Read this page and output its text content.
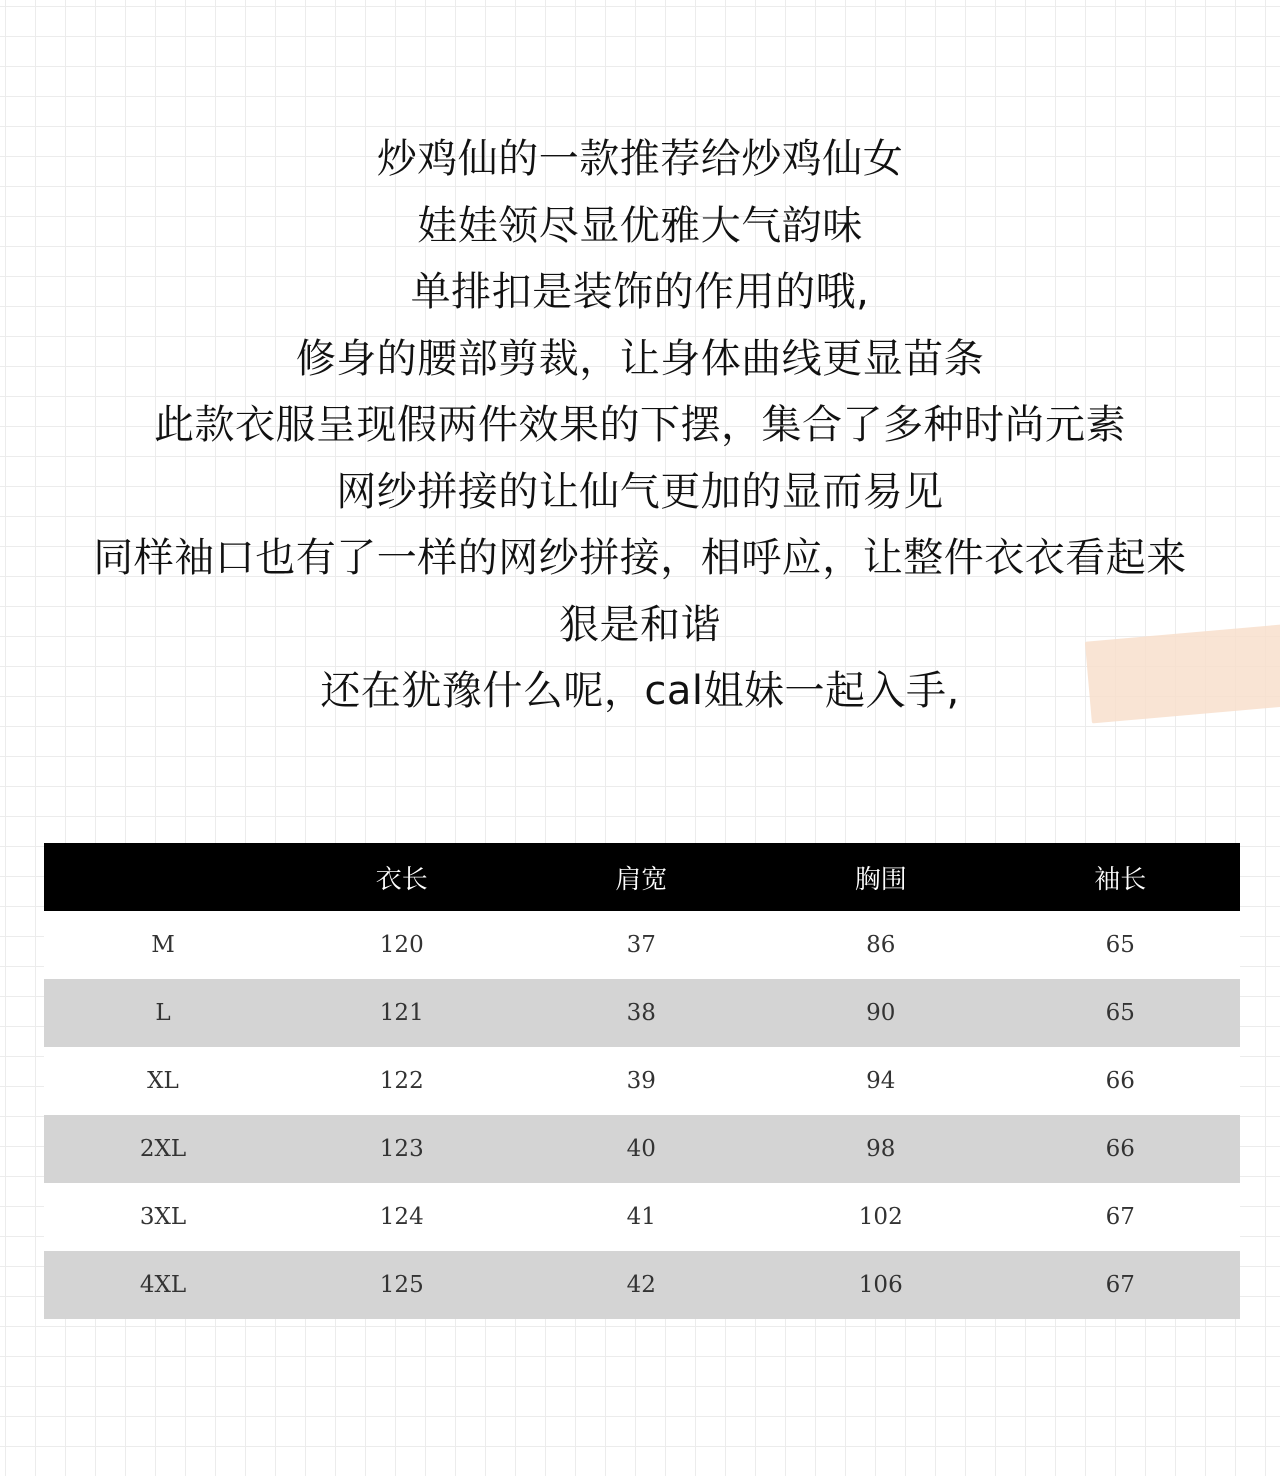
炒鸡仙的一款推荐给炒鸡仙女
娃娃领尽显优雅大气韵味
单排扣是装饰的作用的哦,
修身的腰部剪裁，让身体曲线更显苗条
此款衣服呈现假两件效果的下摆，集合了多种时尚元素
网纱拼接的让仙气更加的显而易见
同样袖口也有了一样的网纱拼接，相呼应，让整件衣衣看起来
狠是和谐
还在犹豫什么呢，cal姐妹一起入手,
	衣长	肩宽	胸围	袖长
M	120	37	86	65
L	121	38	90	65
XL	122	39	94	66
2XL	123	40	98	66
3XL	124	41	102	67
4XL	125	42	106	67
